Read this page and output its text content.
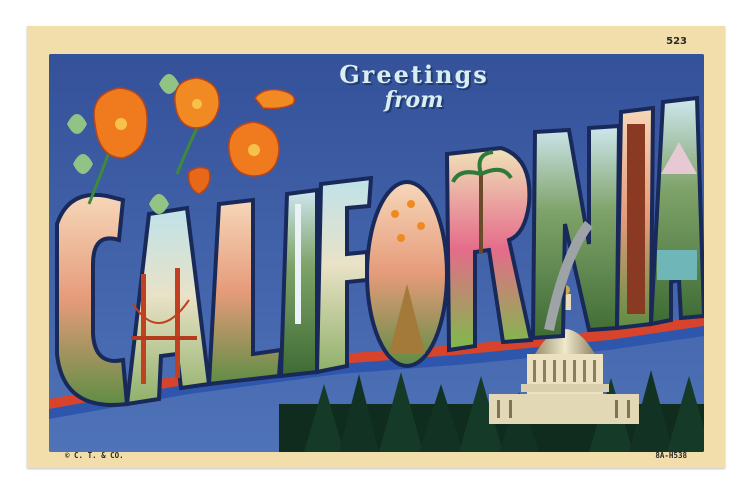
523
Greetings
from
© C. T. & CO.	8A-H538
